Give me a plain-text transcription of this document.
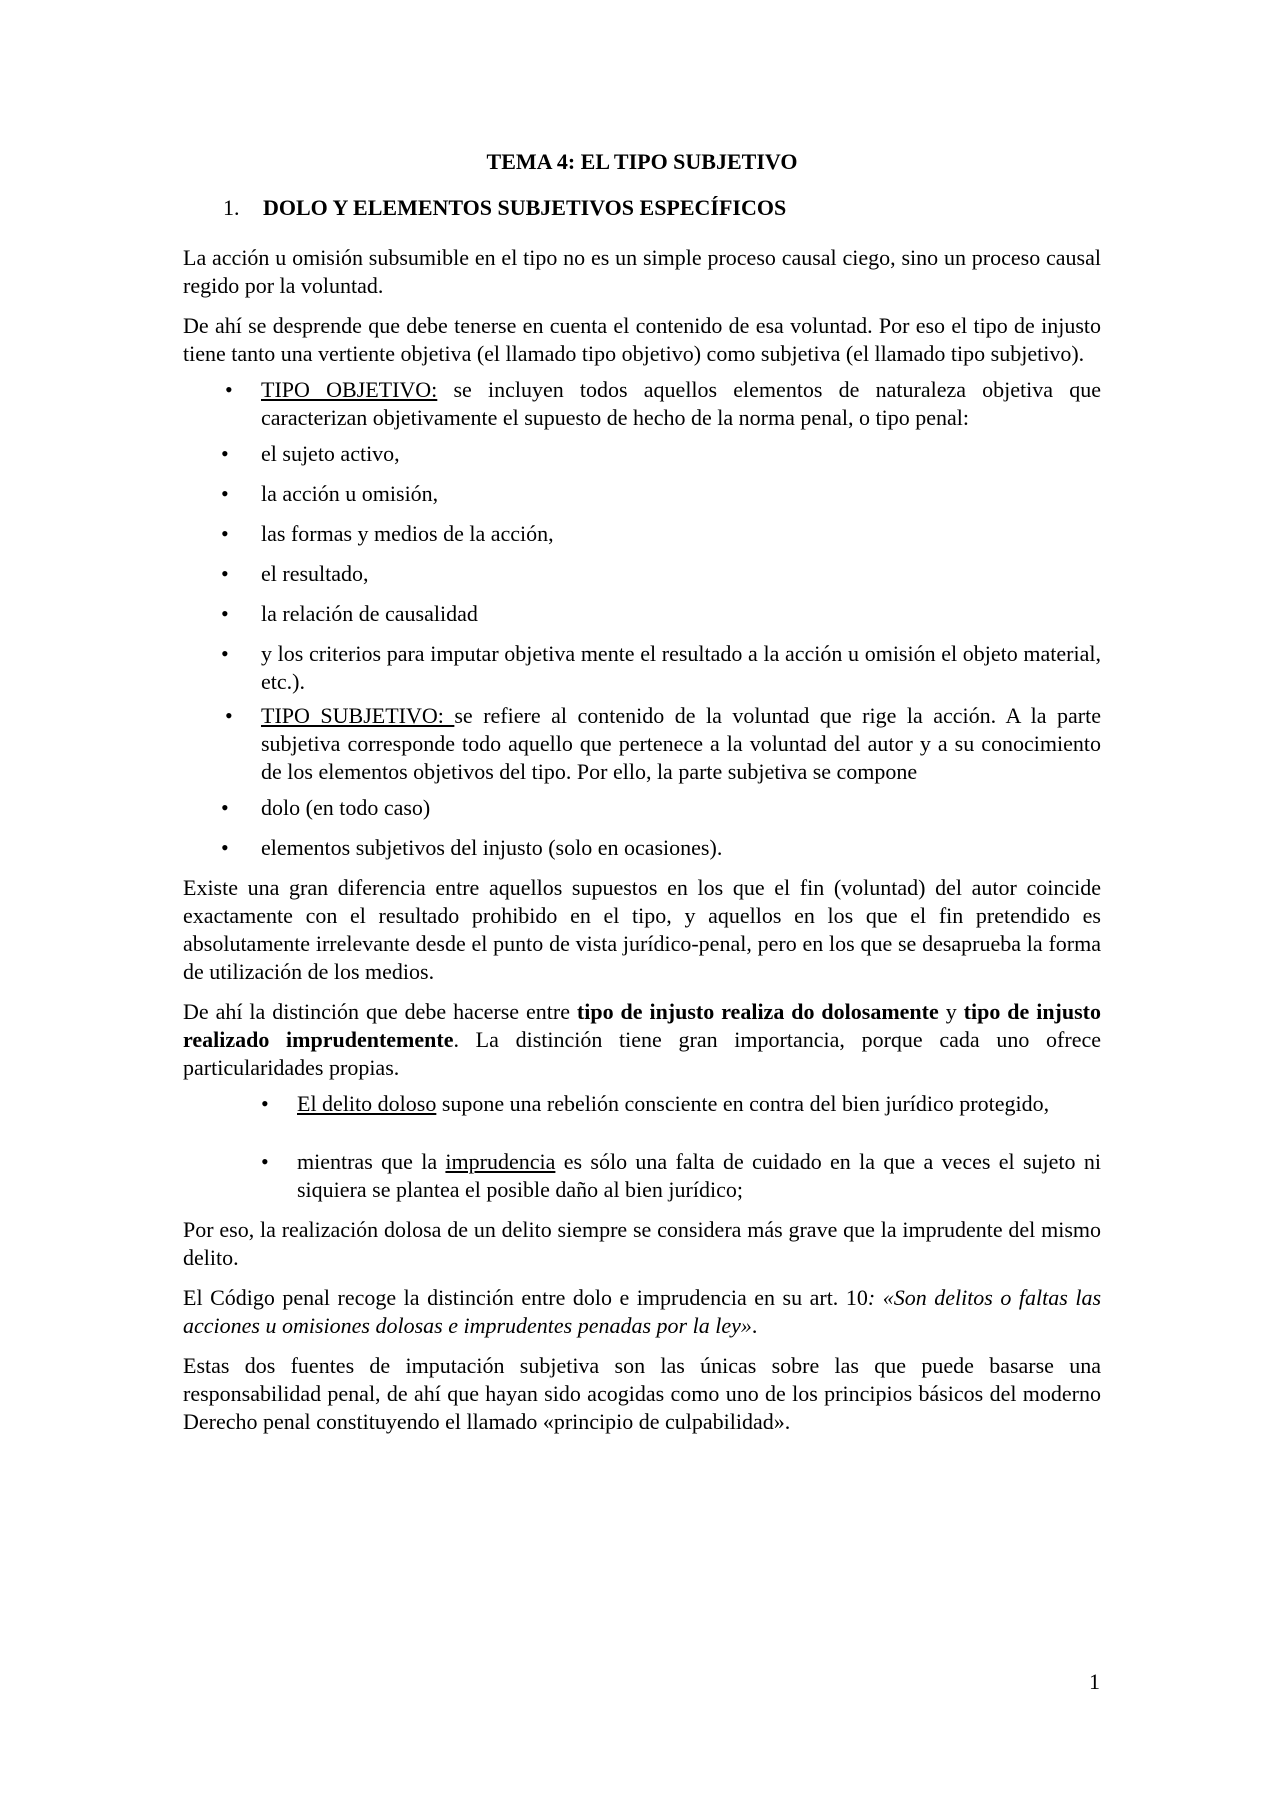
TEMA 4: EL TIPO SUBJETIVO
1.	DOLO Y ELEMENTOS SUBJETIVOS ESPECÍFICOS

La acción u omisión subsumible en el tipo no es un simple proceso causal ciego, sino un proceso causal regido por la voluntad.

De ahí se desprende que debe tenerse en cuenta el contenido de esa voluntad. Por eso el tipo de injusto tiene tanto una vertiente objetiva (el llamado tipo objetivo) como subjetiva (el llamado tipo subjetivo).

• TIPO OBJETIVO: se incluyen todos aquellos elementos de naturaleza objetiva que caracterizan objetivamente el supuesto de hecho de la norma penal, o tipo penal:
• el sujeto activo,
• la acción u omisión,
• las formas y medios de la acción,
• el resultado,
• la relación de causalidad
• y los criterios para imputar objetiva mente el resultado a la acción u omisión el objeto material, etc.).
• TIPO SUBJETIVO: se refiere al contenido de la voluntad que rige la acción. A la parte subjetiva corresponde todo aquello que pertenece a la voluntad del autor y a su conocimiento de los elementos objetivos del tipo. Por ello, la parte subjetiva se compone
• dolo (en todo caso)
• elementos subjetivos del injusto (solo en ocasiones).

Existe una gran diferencia entre aquellos supuestos en los que el fin (voluntad) del autor coincide exactamente con el resultado prohibido en el tipo, y aquellos en los que el fin pretendido es absolutamente irrelevante desde el punto de vista jurídico-penal, pero en los que se desaprueba la forma de utilización de los medios.

De ahí la distinción que debe hacerse entre tipo de injusto realiza do dolosamente y tipo de injusto realizado imprudentemente. La distinción tiene gran importancia, porque cada uno ofrece particularidades propias.

• El delito doloso supone una rebelión consciente en contra del bien jurídico protegido,
• mientras que la imprudencia es sólo una falta de cuidado en la que a veces el sujeto ni siquiera se plantea el posible daño al bien jurídico;

Por eso, la realización dolosa de un delito siempre se considera más grave que la imprudente del mismo delito.

El Código penal recoge la distinción entre dolo e imprudencia en su art. 10: «Son delitos o faltas las acciones u omisiones dolosas e imprudentes penadas por la ley».

Estas dos fuentes de imputación subjetiva son las únicas sobre las que puede basarse una responsabilidad penal, de ahí que hayan sido acogidas como uno de los principios básicos del moderno Derecho penal constituyendo el llamado «principio de culpabilidad».

1
